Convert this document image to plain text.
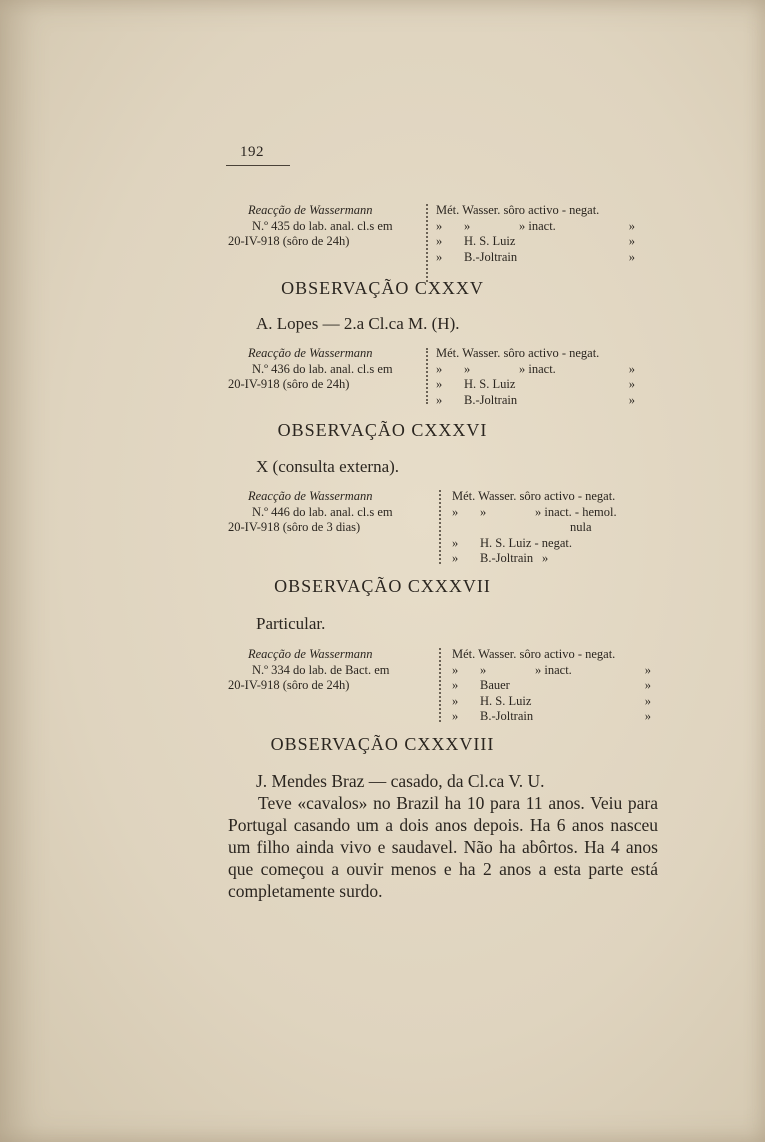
192
Reacção de Wassermann
N.º 435 do lab. anal. cl.s em
20-IV-918 (sôro de 24h)
Mét. Wasser. sôro activo - negat.
»	»	» inact.	»
»	H. S. Luiz	»
»	B.-Joltrain	»
OBSERVAÇÃO CXXXV
A. Lopes — 2.a Cl.ca M. (H).
Reacção de Wassermann
N.º 436 do lab. anal. cl.s em
20-IV-918 (sôro de 24h)
Mét. Wasser. sôro activo - negat.
»	»	» inact.	»
»	H. S. Luiz	»
»	B.-Joltrain	»
OBSERVAÇÃO CXXXVI
X (consulta externa).
Reacção de Wassermann
N.º 446 do lab. anal. cl.s em
20-IV-918 (sôro de 3 dias)
Mét. Wasser. sôro activo - negat.
»	»	» inact. - hemol.
nula
»	H. S. Luiz - negat.
»	B.-Joltrain »
OBSERVAÇÃO CXXXVII
Particular.
Reacção de Wassermann
N.º 334 do lab. de Bact. em
20-IV-918 (sôro de 24h)
Mét. Wasser. sôro activo - negat.
»	»	» inact.	»
»	Bauer	»
»	H. S. Luiz	»
»	B.-Joltrain	»
OBSERVAÇÃO CXXXVIII

J. Mendes Braz — casado, da Cl.ca V. U.

Teve «cavalos» no Brazil ha 10 para 11 anos. Veiu para Portugal casando um a dois anos depois. Ha 6 anos nasceu um filho ainda vivo e saudavel. Não ha abôrtos. Ha 4 anos que começou a ouvir menos e ha 2 anos a esta parte está completamente surdo.
